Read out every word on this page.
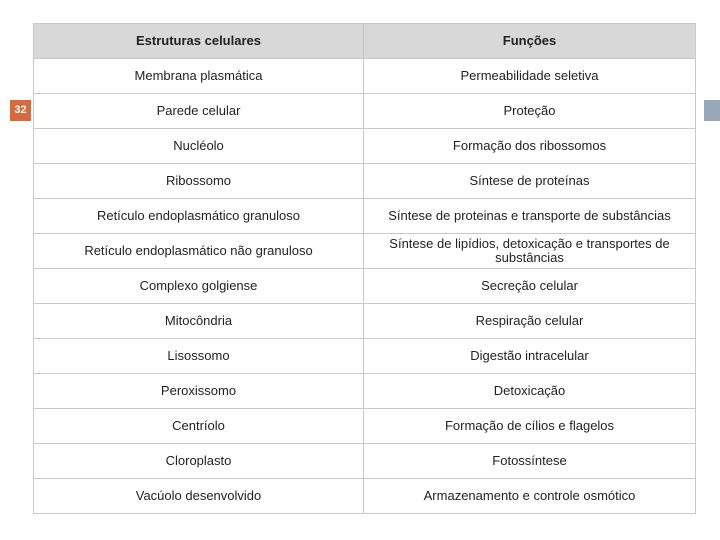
32
Estruturas celulares	Funções
Membrana plasmática	Permeabilidade seletiva
Parede celular	Proteção
Nucléolo	Formação dos ribossomos
Ribossomo	Síntese de proteínas
Retículo endoplasmático granuloso	Síntese de proteinas e transporte de substâncias
Retículo endoplasmático não granuloso	Síntese de lipídios, detoxicação e transportes de substâncias
Complexo golgiense	Secreção celular
Mitocôndria	Respiração celular
Lisossomo	Digestão intracelular
Peroxissomo	Detoxicação
Centríolo	Formação de cílios e flagelos
Cloroplasto	Fotossíntese
Vacúolo desenvolvido	Armazenamento e controle osmótico
